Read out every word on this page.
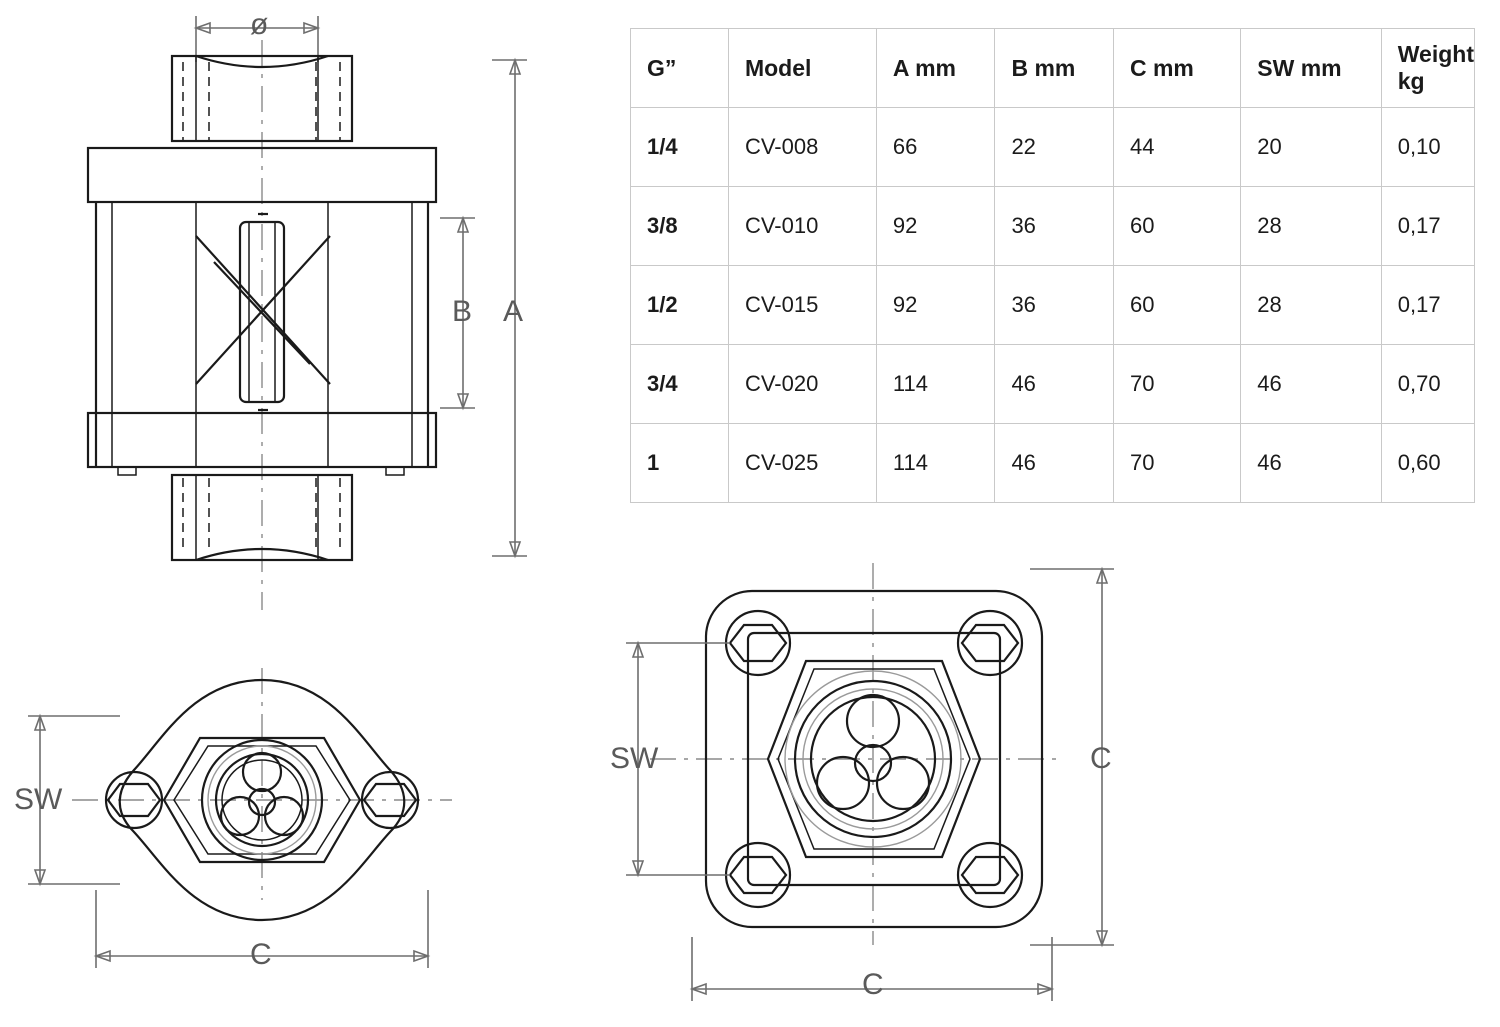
G”	Model	A mm	B mm	C mm	SW mm	Weight kg
1/4	CV-008	66	22	44	20	0,10
3/8	CV-010	92	36	60	28	0,17
1/2	CV-015	92	36	60	28	0,17
3/4	CV-020	114	46	70	46	0,70
1	CV-025	114	46	70	46	0,60
ø
B A
SW
C
SW	C
C
